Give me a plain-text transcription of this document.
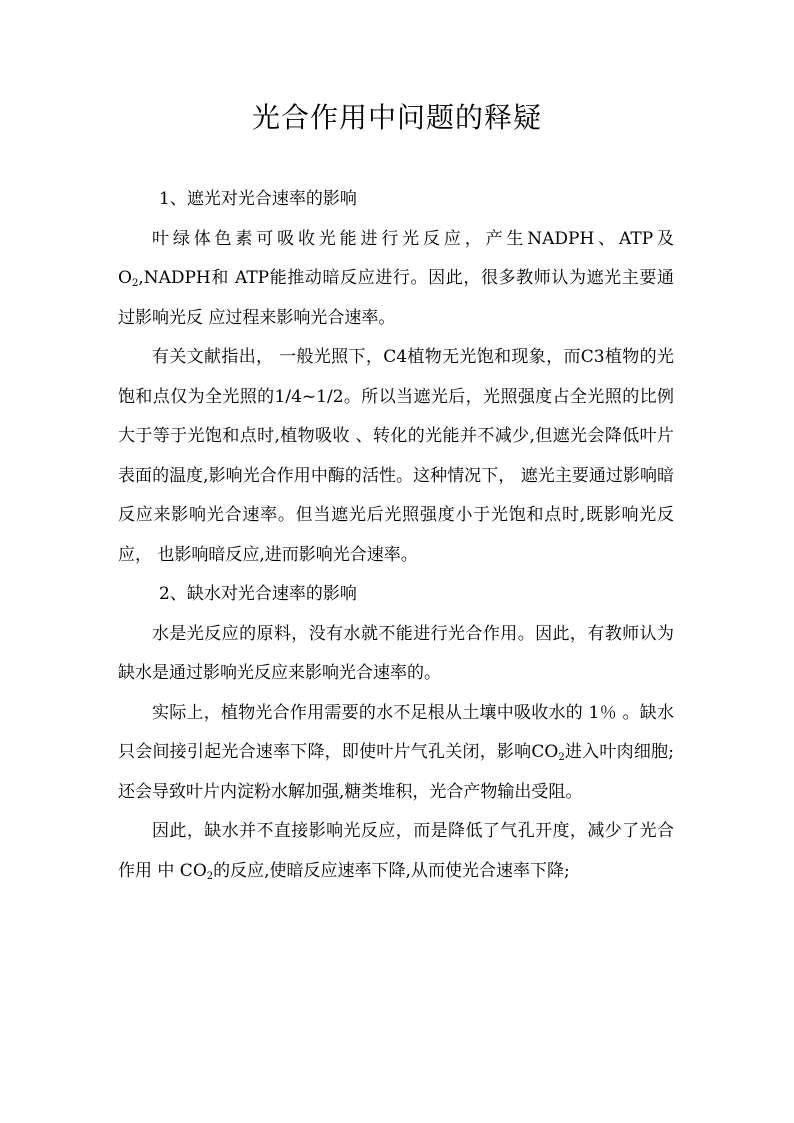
光合作用中问题的释疑

1、遮光对光合速率的影响

叶绿体色素可吸收光能进行光反应，产生NADPH、ATP及$O_2,NADPH$和 ATP能推动暗反应进行。因此，很多教师认为遮光主要通过影响光反 应过程来影响光合速率。

有关文献指出， 一般光照下，C4植物无光饱和现象，而C3植物的光饱和点仅为全光照的1/4~1/2。所以当遮光后，光照强度占全光照的比例大于等于光饱和点时,植物吸收 、转化的光能并不减少,但遮光会降低叶片表面的温度,影响光合作用中酶的活性。这种情况下， 遮光主要通过影响暗反应来影响光合速率。但当遮光后光照强度小于光饱和点时,既影响光反应， 也影响暗反应,进而影响光合速率。

2、缺水对光合速率的影响

水是光反应的原料，没有水就不能进行光合作用。因此，有教师认为缺水是通过影响光反应来影响光合速率的。

实际上，植物光合作用需要的水不足根从土壤中吸收水的 1％ 。缺水只会间接引起光合速率下降，即使叶片气孔关闭，影响$CO_2$进入叶肉细胞;还会导致叶片内淀粉水解加强,糖类堆积，光合产物输出受阻。

因此，缺水并不直接影响光反应，而是降低了气孔开度，减少了光合作用 中 $CO_2$的反应,使暗反应速率下降,从而使光合速率下降;
